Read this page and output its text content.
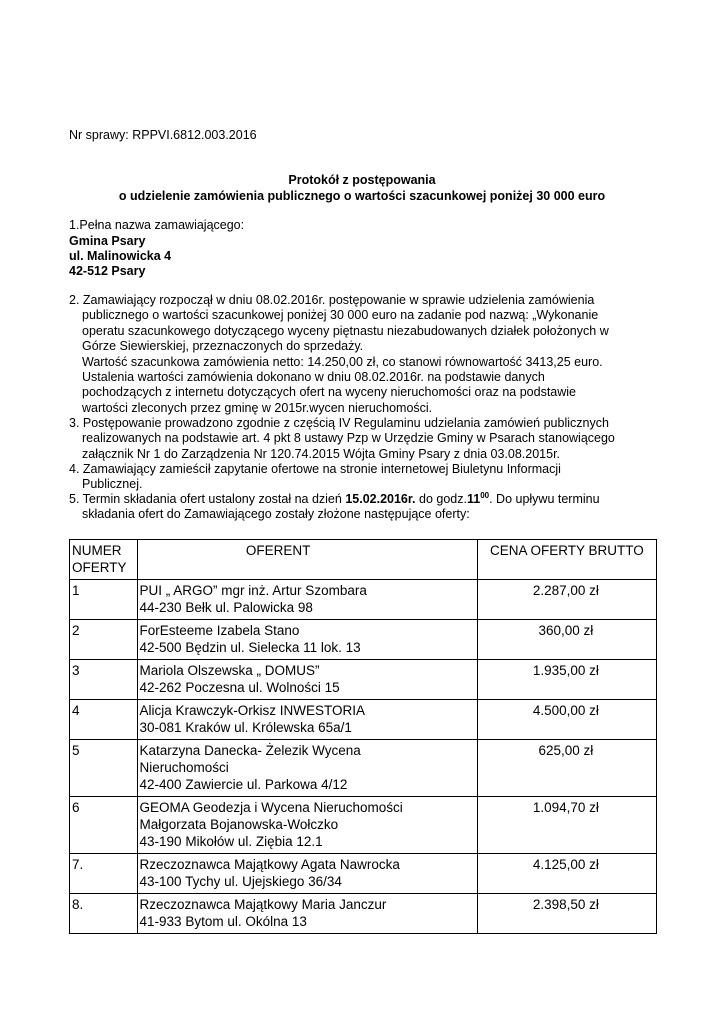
Nr sprawy: RPPVI.6812.003.2016

Protokół z postępowania

o udzielenie zamówienia publicznego o wartości szacunkowej poniżej 30 000 euro

1.Pełna nazwa zamawiającego:

Gmina Psary

ul. Malinowicka 4

42-512 Psary

2. Zamawiający rozpoczął w dniu 08.02.2016r. postępowanie w sprawie udzielenia zamówienia
publicznego o wartości szacunkowej poniżej 30 000 euro na zadanie pod nazwą: „Wykonanie
operatu szacunkowego dotyczącego wyceny piętnastu niezabudowanych działek położonych w
Górze Siewierskiej, przeznaczonych do sprzedaży.
Wartość szacunkowa zamówienia netto: 14.250,00 zł, co stanowi równowartość 3413,25 euro.
Ustalenia wartości zamówienia dokonano w dniu 08.02.2016r. na podstawie danych
pochodzących z internetu dotyczących ofert na wyceny nieruchomości oraz na podstawie
wartości zleconych przez gminę w 2015r.wycen nieruchomości.
3. Postępowanie prowadzono zgodnie z częścią IV Regulaminu udzielania zamówień publicznych
realizowanych na podstawie art. 4 pkt 8 ustawy Pzp w Urzędzie Gminy w Psarach stanowiącego
załącznik Nr 1 do Zarządzenia Nr 120.74.2015 Wójta Gminy Psary z dnia 03.08.2015r.
4. Zamawiający zamieścił zapytanie ofertowe na stronie internetowej Biuletynu Informacji
Publicznej.
5. Termin składania ofert ustalony został na dzień 15.02.2016r. do $godz.11^{00}$. Do upływu terminu
składania ofert do Zamawiającego zostały złożone następujące oferty:
NUMER
OFERTY	OFERENT	CENA OFERTY BRUTTO
1	PUI „ ARGO” mgr inż. Artur Szombara
44-230 Bełk ul. Palowicka 98	2.287,00 zł
2	ForEsteeme Izabela Stano
42-500 Będzin ul. Sielecka 11 lok. 13	360,00 zł
3	Mariola Olszewska „ DOMUS”
42-262 Poczesna ul. Wolności 15	1.935,00 zł
4	Alicja Krawczyk-Orkisz INWESTORIA
30-081 Kraków ul. Królewska 65a/1	4.500,00 zł
5	Katarzyna Danecka- Żelezik Wycena
Nieruchomości
42-400 Zawiercie ul. Parkowa 4/12	625,00 zł
6	GEOMA Geodezja i Wycena Nieruchomości
Małgorzata Bojanowska-Wołczko
43-190 Mikołów ul. Ziębia 12.1	1.094,70 zł
7.	Rzeczoznawca Majątkowy Agata Nawrocka
43-100 Tychy ul. Ujejskiego 36/34	4.125,00 zł
8.	Rzeczoznawca Majątkowy Maria Janczur
41-933 Bytom ul. Okólna 13	2.398,50 zł
